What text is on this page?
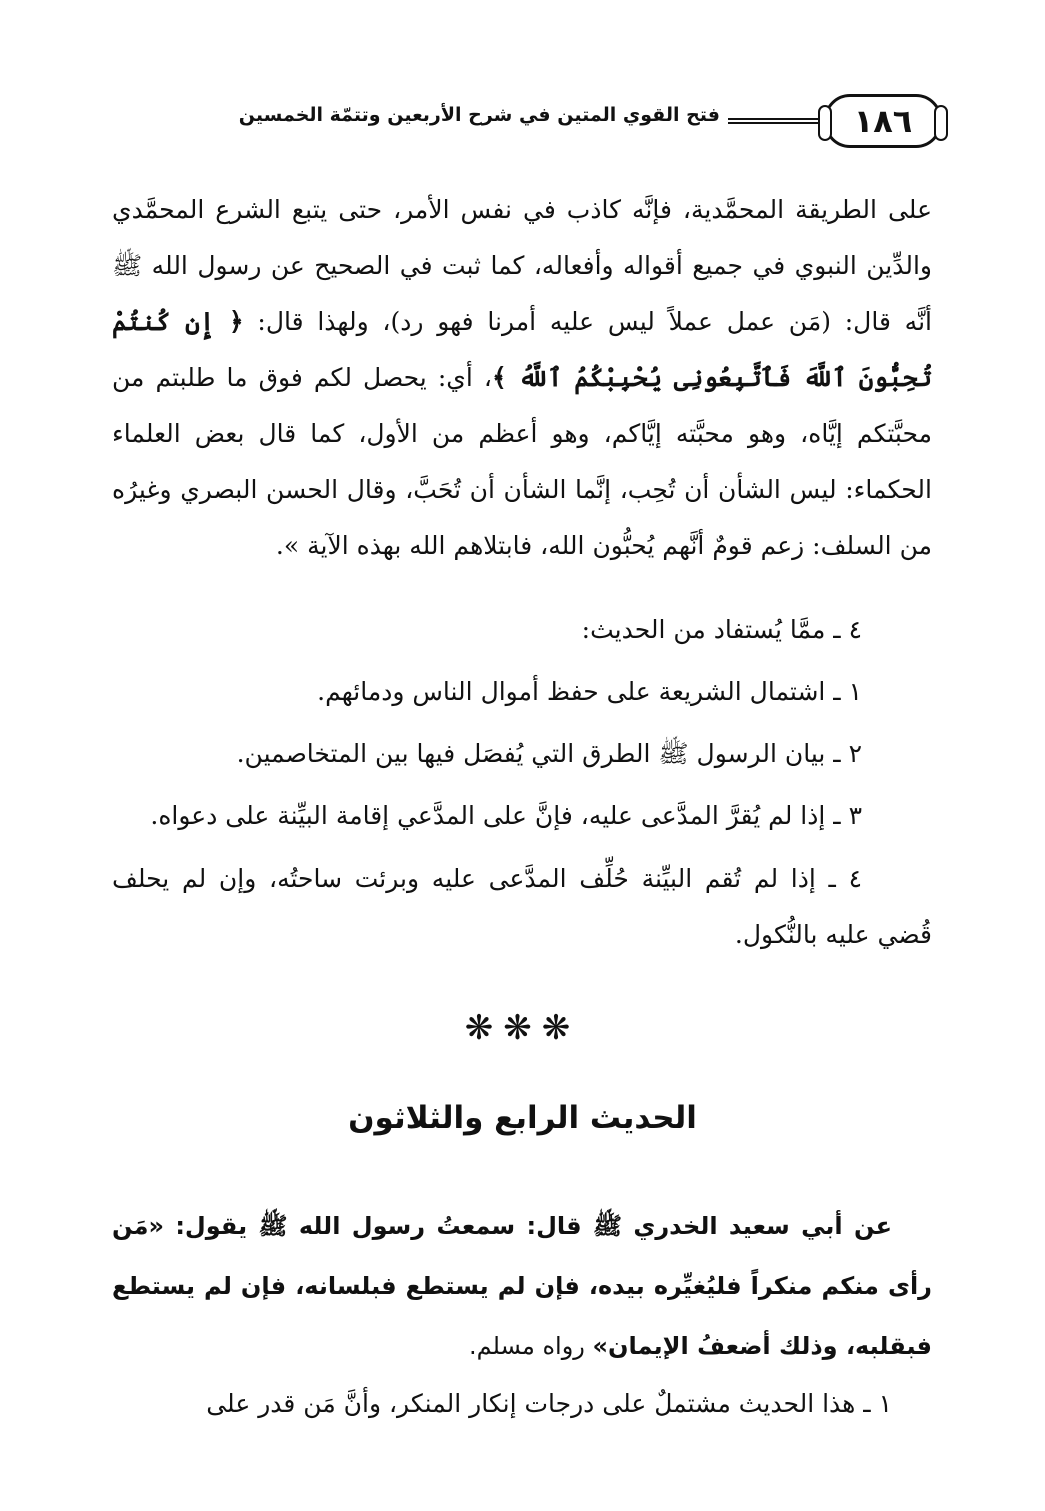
١٨٦
فتح القوي المتين في شرح الأربعين وتتمّة الخمسين
على الطريقة المحمَّدية، فإنَّه كاذب في نفس الأمر، حتى يتبع الشرع المحمَّدي والدِّين النبوي في جميع أقواله وأفعاله، كما ثبت في الصحيح عن رسول الله ﷺ أنَّه قال: (مَن عمل عملاً ليس عليه أمرنا فهو رد)، ولهذا قال: ﴿ إِن كُنتُمْ تُحِبُّونَ ٱللَّهَ فَٱتَّبِعُونِى يُحْبِبْكُمُ ٱللَّهُ ﴾، أي: يحصل لكم فوق ما طلبتم من محبَّتكم إيَّاه، وهو محبَّته إيَّاكم، وهو أعظم من الأول، كما قال بعض العلماء الحكماء: ليس الشأن أن تُحِب، إنَّما الشأن أن تُحَبَّ، وقال الحسن البصري وغيرُه من السلف: زعم قومٌ أنَّهم يُحبُّون الله، فابتلاهم الله بهذه الآية ».
٤ ـ ممَّا يُستفاد من الحديث:
١ ـ اشتمال الشريعة على حفظ أموال الناس ودمائهم.
٢ ـ بيان الرسول ﷺ الطرق التي يُفصَل فيها بين المتخاصمين.
٣ ـ إذا لم يُقرَّ المدَّعى عليه، فإنَّ على المدَّعي إقامة البيِّنة على دعواه.
٤ ـ إذا لم تُقم البيِّنة حُلِّف المدَّعى عليه وبرئت ساحتُه، وإن لم يحلف قُضي عليه بالنُّكول.
❋❋❋
الحديث الرابع والثلاثون
عن أبي سعيد الخدري ﷺ قال: سمعتُ رسول الله ﷺ يقول: «مَن رأى منكم منكراً فليُغيِّره بيده، فإن لم يستطع فبلسانه، فإن لم يستطع فبقلبه، وذلك أضعفُ الإيمان» رواه مسلم.
١ ـ هذا الحديث مشتملٌ على درجات إنكار المنكر، وأنَّ مَن قدر على
